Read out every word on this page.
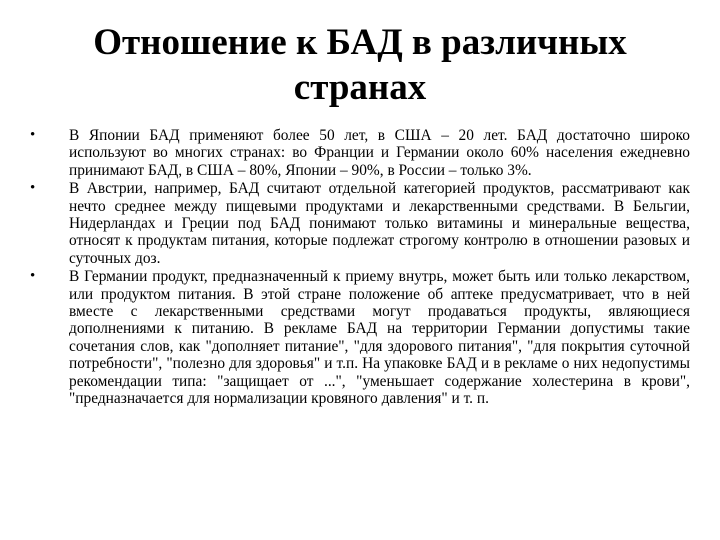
Отношение к БАД в различных странах
• В Японии БАД применяют более 50 лет, в США – 20 лет. БАД достаточно широко используют во многих странах: во Франции и Германии около 60% населения ежедневно принимают БАД, в США – 80%, Японии – 90%, в России – только 3%.
• В Австрии, например, БАД считают отдельной категорией продуктов, рассматривают как нечто среднее между пищевыми продуктами и лекарственными средствами. В Бельгии, Нидерландах и Греции под БАД понимают только витамины и минеральные вещества, относят к продуктам питания, которые подлежат строгому контролю в отношении разовых и суточных доз.
• В Германии продукт, предназначенный к приему внутрь, может быть или только лекарством, или продуктом питания. В этой стране положение об аптеке предусматривает, что в ней вместе с лекарственными средствами могут продаваться продукты, являющиеся дополнениями к питанию. В рекламе БАД на территории Германии допустимы такие сочетания слов, как "дополняет питание", "для здорового питания", "для покрытия суточной потребности", "полезно для здоровья" и т.п. На упаковке БАД и в рекламе о них недопустимы рекомендации типа: "защищает от ...", "уменьшает содержание холестерина в крови", "предназначается для нормализации кровяного давления" и т. п.
